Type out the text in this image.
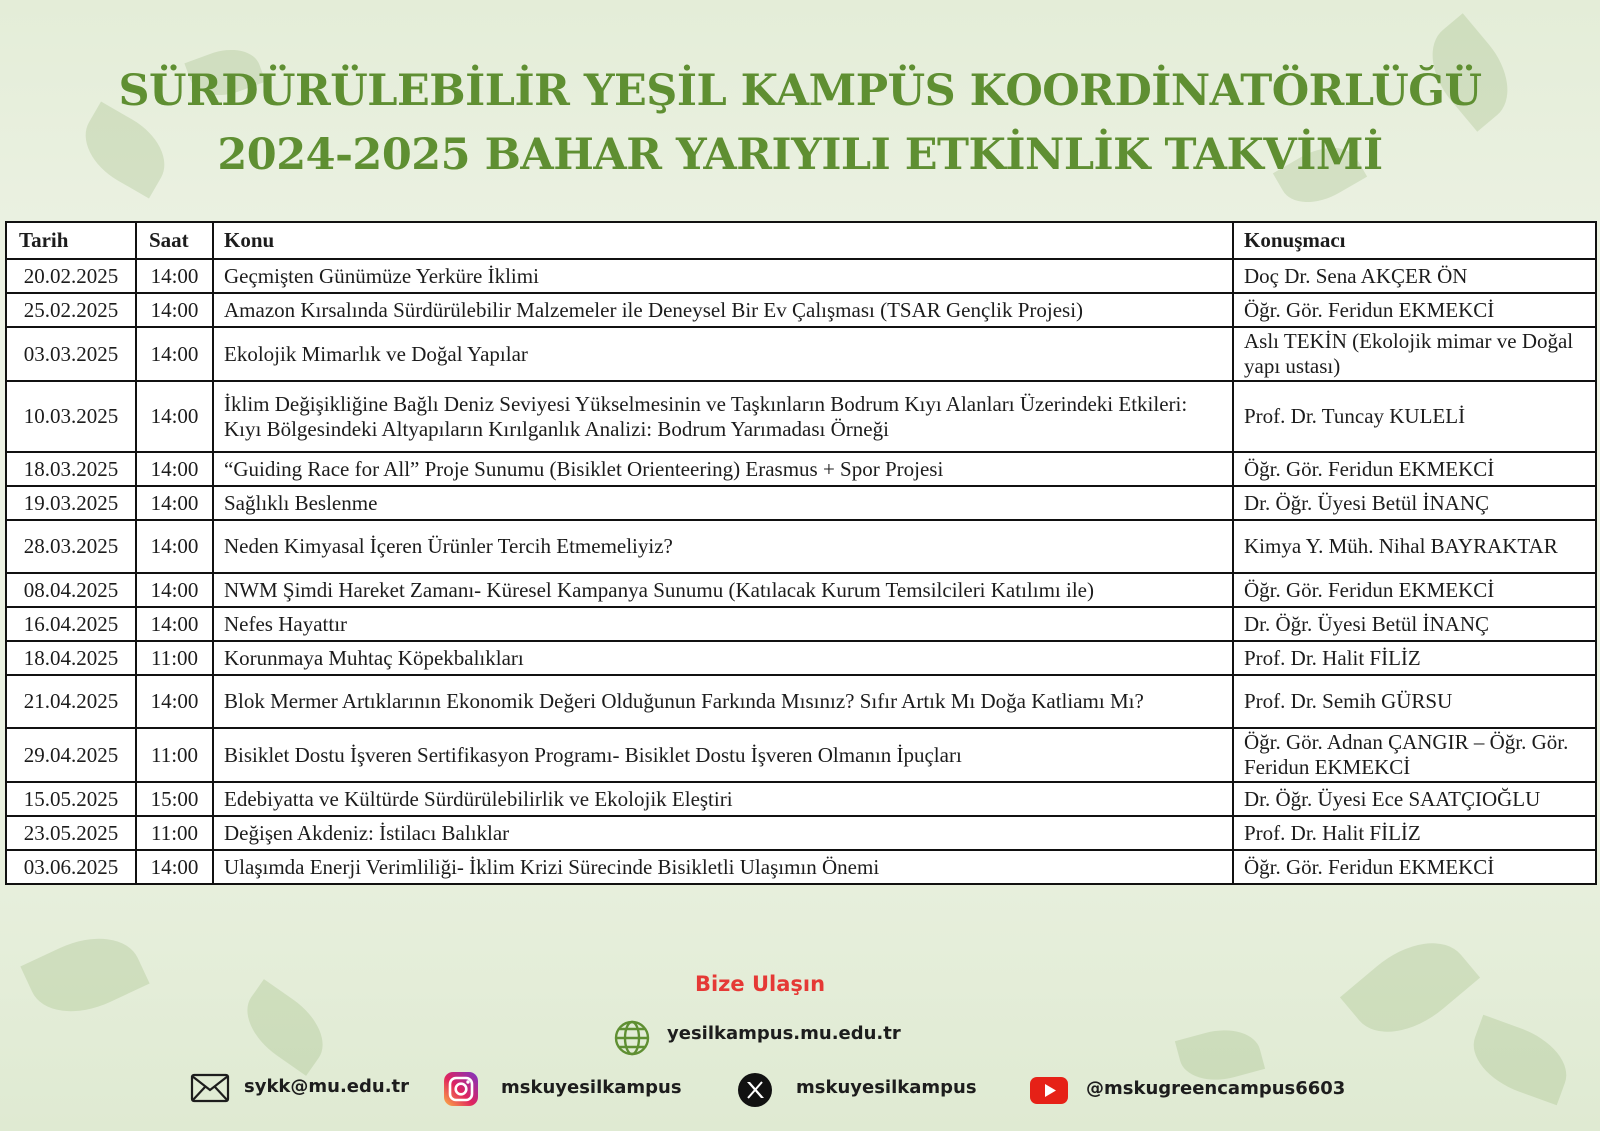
SÜRDÜRÜLEBİLİR YEŞİL KAMPÜS KOORDİNATÖRLÜĞÜ
2024-2025 BAHAR YARIYILI ETKİNLİK TAKVİMİ
Tarih	Saat	Konu	Konuşmacı
20.02.2025	14:00	Geçmişten Günümüze Yerküre İklimi	Doç Dr. Sena AKÇER ÖN
25.02.2025	14:00	Amazon Kırsalında Sürdürülebilir Malzemeler ile Deneysel Bir Ev Çalışması (TSAR Gençlik Projesi)	Öğr. Gör. Feridun EKMEKCİ
03.03.2025	14:00	Ekolojik Mimarlık ve Doğal Yapılar	Aslı TEKİN (Ekolojik mimar ve Doğal yapı ustası)
10.03.2025	14:00	İklim Değişikliğine Bağlı Deniz Seviyesi Yükselmesinin ve Taşkınların Bodrum Kıyı Alanları Üzerindeki Etkileri: Kıyı Bölgesindeki Altyapıların Kırılganlık Analizi: Bodrum Yarımadası Örneği	Prof. Dr. Tuncay KULELİ
18.03.2025	14:00	“Guiding Race for All” Proje Sunumu (Bisiklet Orienteering) Erasmus + Spor Projesi	Öğr. Gör. Feridun EKMEKCİ
19.03.2025	14:00	Sağlıklı Beslenme	Dr. Öğr. Üyesi Betül İNANÇ
28.03.2025	14:00	Neden Kimyasal İçeren Ürünler Tercih Etmemeliyiz?	Kimya Y. Müh. Nihal BAYRAKTAR
08.04.2025	14:00	NWM Şimdi Hareket Zamanı- Küresel Kampanya Sunumu (Katılacak Kurum Temsilcileri Katılımı ile)	Öğr. Gör. Feridun EKMEKCİ
16.04.2025	14:00	Nefes Hayattır	Dr. Öğr. Üyesi Betül İNANÇ
18.04.2025	11:00	Korunmaya Muhtaç Köpekbalıkları	Prof. Dr. Halit FİLİZ
21.04.2025	14:00	Blok Mermer Artıklarının Ekonomik Değeri Olduğunun Farkında Mısınız? Sıfır Artık Mı Doğa Katliamı Mı?	Prof. Dr. Semih GÜRSU
29.04.2025	11:00	Bisiklet Dostu İşveren Sertifikasyon Programı- Bisiklet Dostu İşveren Olmanın İpuçları	Öğr. Gör. Adnan ÇANGIR – Öğr. Gör. Feridun EKMEKCİ
15.05.2025	15:00	Edebiyatta ve Kültürde Sürdürülebilirlik ve Ekolojik Eleştiri	Dr. Öğr. Üyesi Ece SAATÇIOĞLU
23.05.2025	11:00	Değişen Akdeniz: İstilacı Balıklar	Prof. Dr. Halit FİLİZ
03.06.2025	14:00	Ulaşımda Enerji Verimliliği- İklim Krizi Sürecinde Bisikletli Ulaşımın Önemi	Öğr. Gör. Feridun EKMEKCİ
Bize Ulaşın
yesilkampus.mu.edu.tr
sykk@mu.edu.tr	mskuyesilkampus	mskuyesilkampus	@mskugreencampus6603
